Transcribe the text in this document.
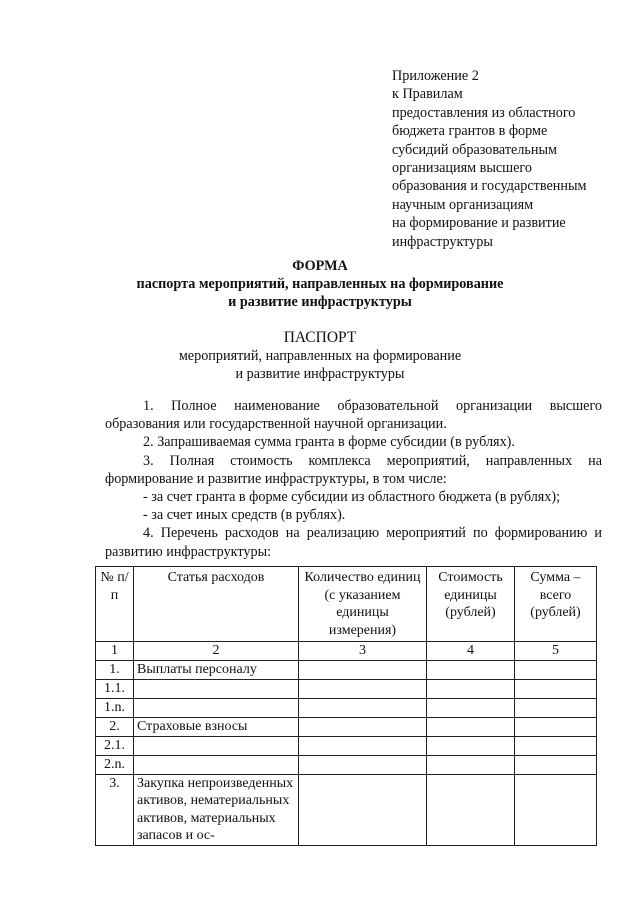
Приложение 2
к Правилам
предоставления из областного
бюджета грантов в форме
субсидий образовательным
организациям высшего
образования и государственным
научным организациям
на формирование и развитие
инфраструктуры
ФОРМА
паспорта мероприятий, направленных на формирование
и развитие инфраструктуры
ПАСПОРТ
мероприятий, направленных на формирование
и развитие инфраструктуры

1. Полное наименование образовательной организации высшего образования или государственной научной организации.

2. Запрашиваемая сумма гранта в форме субсидии (в рублях).

3. Полная стоимость комплекса мероприятий, направленных на формирование и развитие инфраструктуры, в том числе:

- за счет гранта в форме субсидии из областного бюджета (в рублях);

- за счет иных средств (в рублях).

4. Перечень расходов на реализацию мероприятий по формированию и развитию инфраструктуры:

№ п/п	Статья расходов	Количество единиц (с указанием единицы измерения)	Стоимость единицы (рублей)	Сумма – всего (рублей)
1	2	3	4	5
1.	Выплаты персоналу			
1.1.				
1.n.				
2.	Страховые взносы			
2.1.				
2.n.				
3.	Закупка непроизведенных активов, нематериальных активов, материальных запасов и ос-			
